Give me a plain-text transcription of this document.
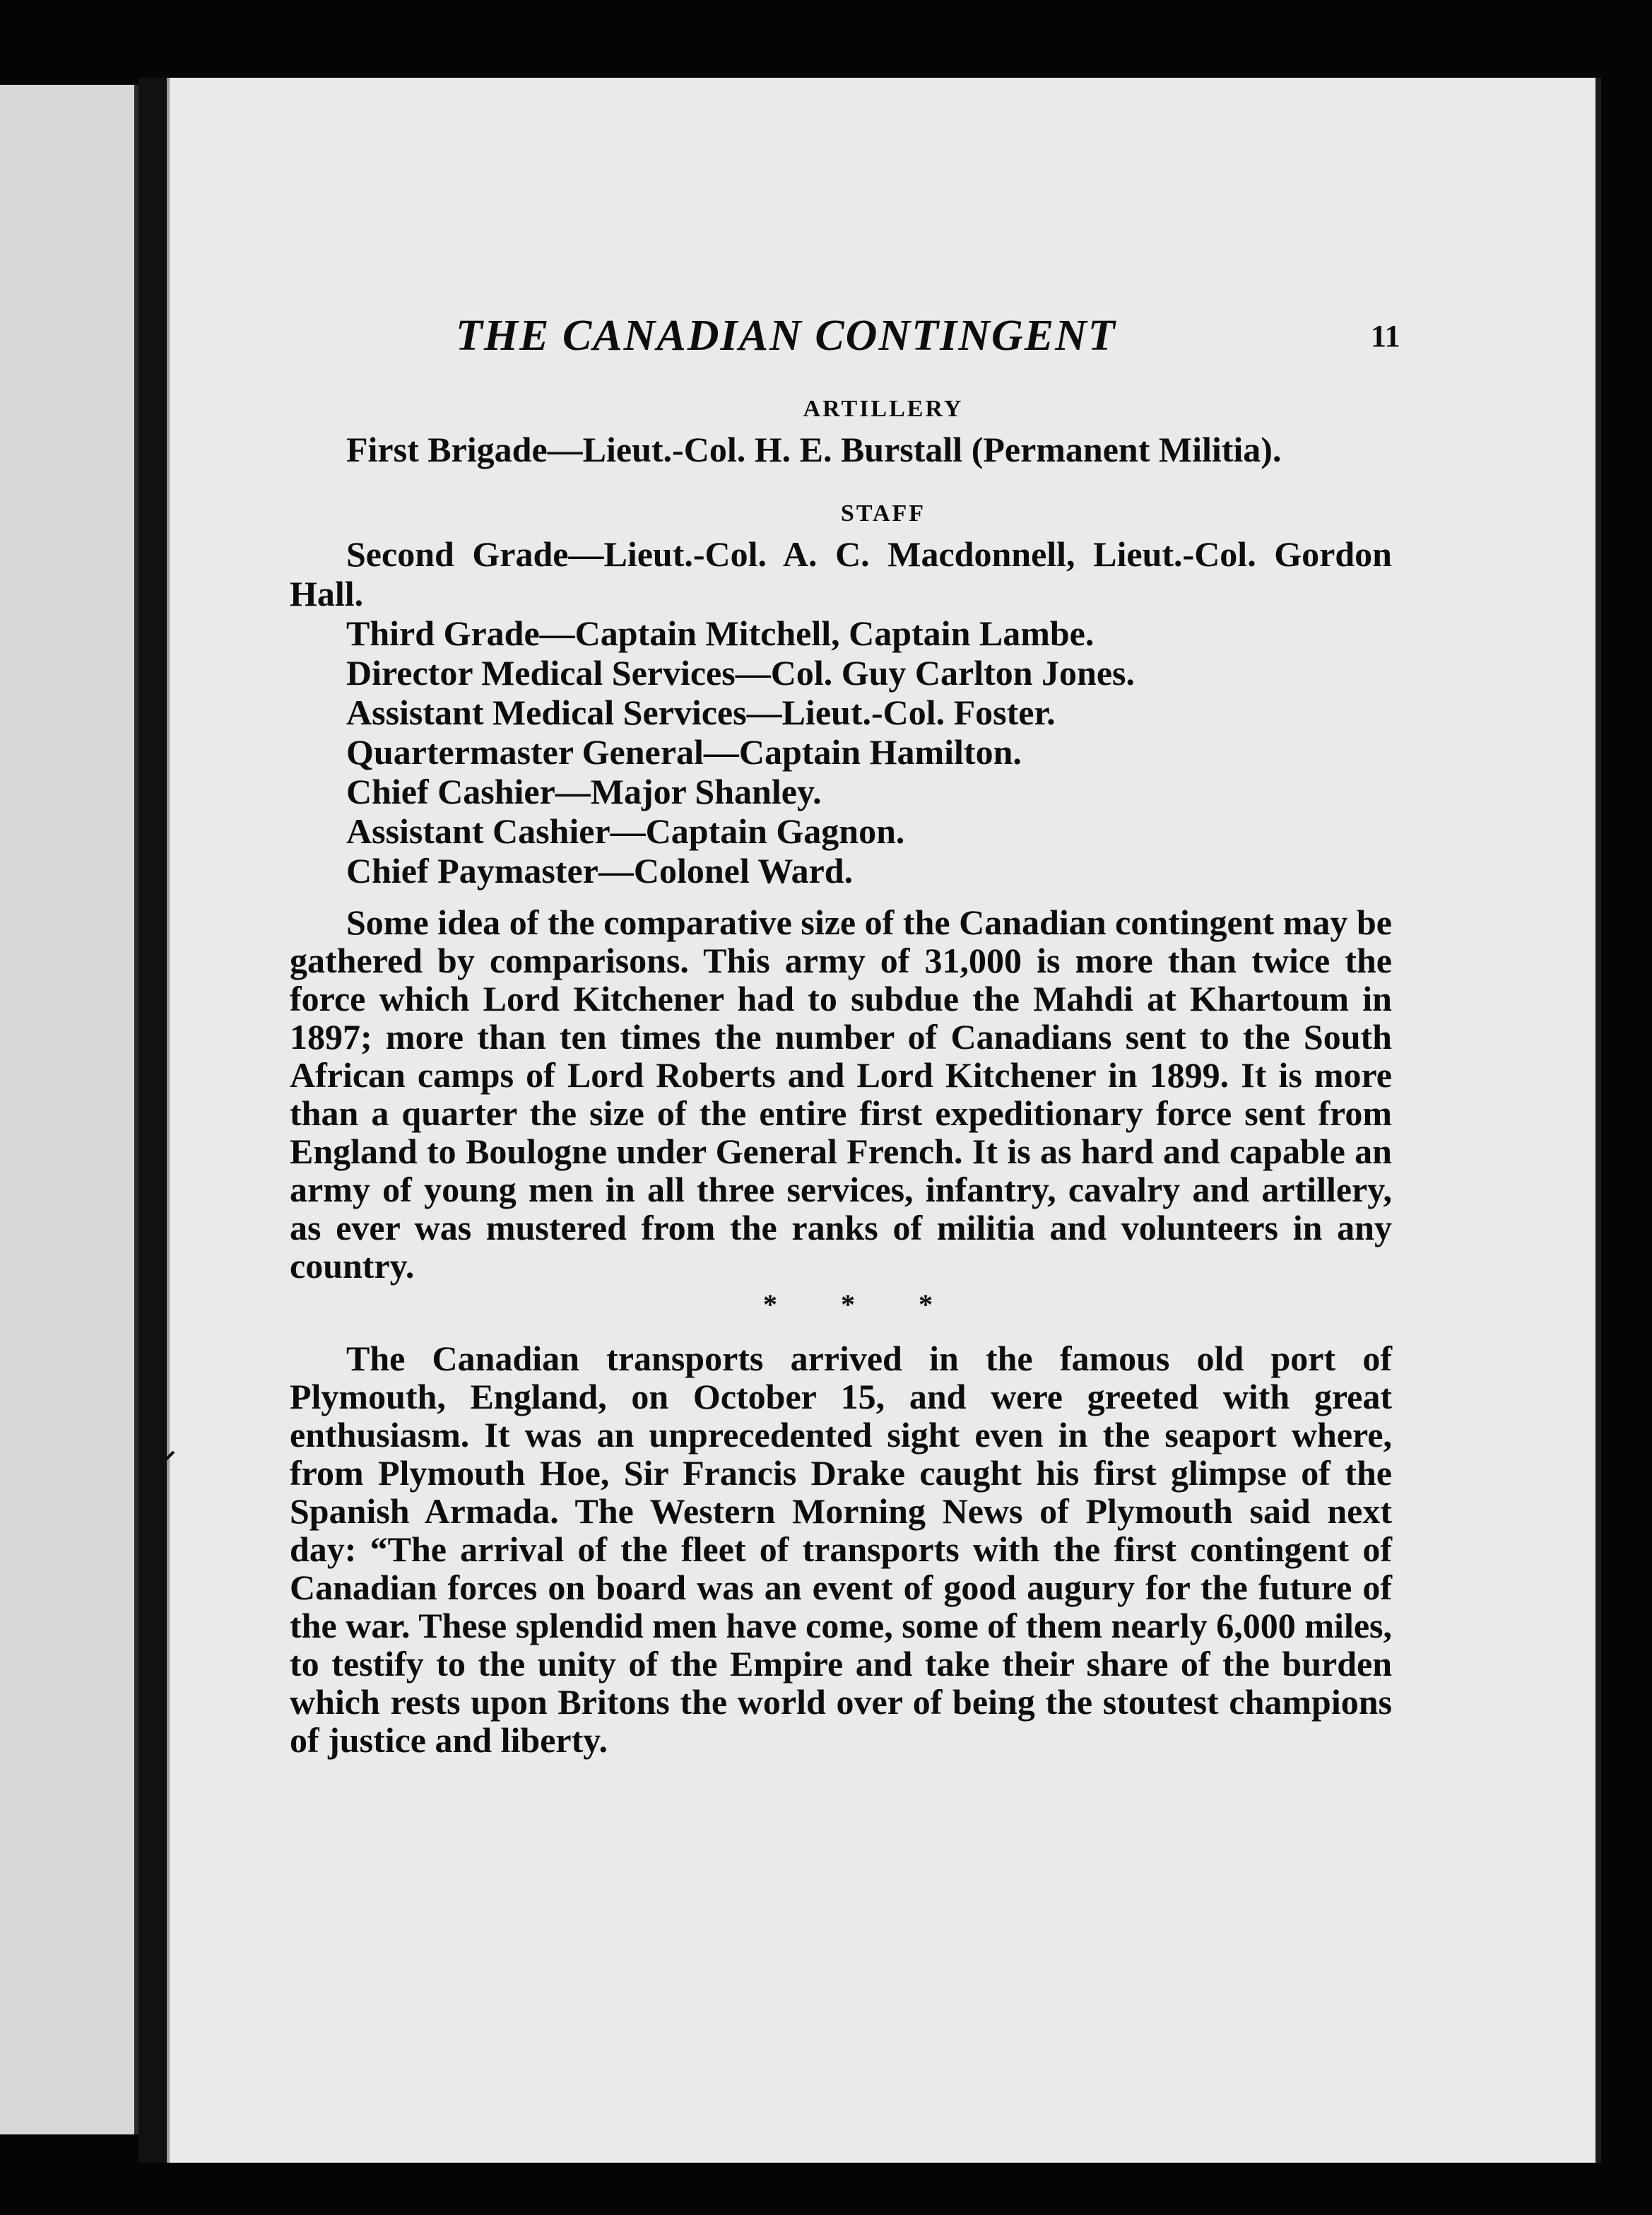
THE CANADIAN CONTINGENT	11
ARTILLERY

First Brigade—Lieut.-Col. H. E. Burstall (Permanent Militia).

STAFF
Second Grade—Lieut.-Col. A. C. Macdonnell, Lieut.-Col. Gordon Hall.
Third Grade—Captain Mitchell, Captain Lambe.
Director Medical Services—Col. Guy Carlton Jones.
Assistant Medical Services—Lieut.-Col. Foster.
Quartermaster General—Captain Hamilton.
Chief Cashier—Major Shanley.
Assistant Cashier—Captain Gagnon.
Chief Paymaster—Colonel Ward.

Some idea of the comparative size of the Canadian contingent may be gathered by comparisons. This army of 31,000 is more than twice the force which Lord Kitchener had to subdue the Mahdi at Khartoum in 1897; more than ten times the number of Canadians sent to the South African camps of Lord Roberts and Lord Kitchener in 1899. It is more than a quarter the size of the entire first expeditionary force sent from England to Boulogne under General French. It is as hard and capable an army of young men in all three services, infantry, cavalry and artillery, as ever was mustered from the ranks of militia and volunteers in any country.

* * *

The Canadian transports arrived in the famous old port of Plymouth, England, on October 15, and were greeted with great enthusiasm. It was an unprecedented sight even in the seaport where, from Plymouth Hoe, Sir Francis Drake caught his first glimpse of the Spanish Armada. The Western Morning News of Plymouth said next day: “The arrival of the fleet of transports with the first contingent of Canadian forces on board was an event of good augury for the future of the war. These splendid men have come, some of them nearly 6,000 miles, to testify to the unity of the Empire and take their share of the burden which rests upon Britons the world over of being the stoutest champions of justice and liberty.
